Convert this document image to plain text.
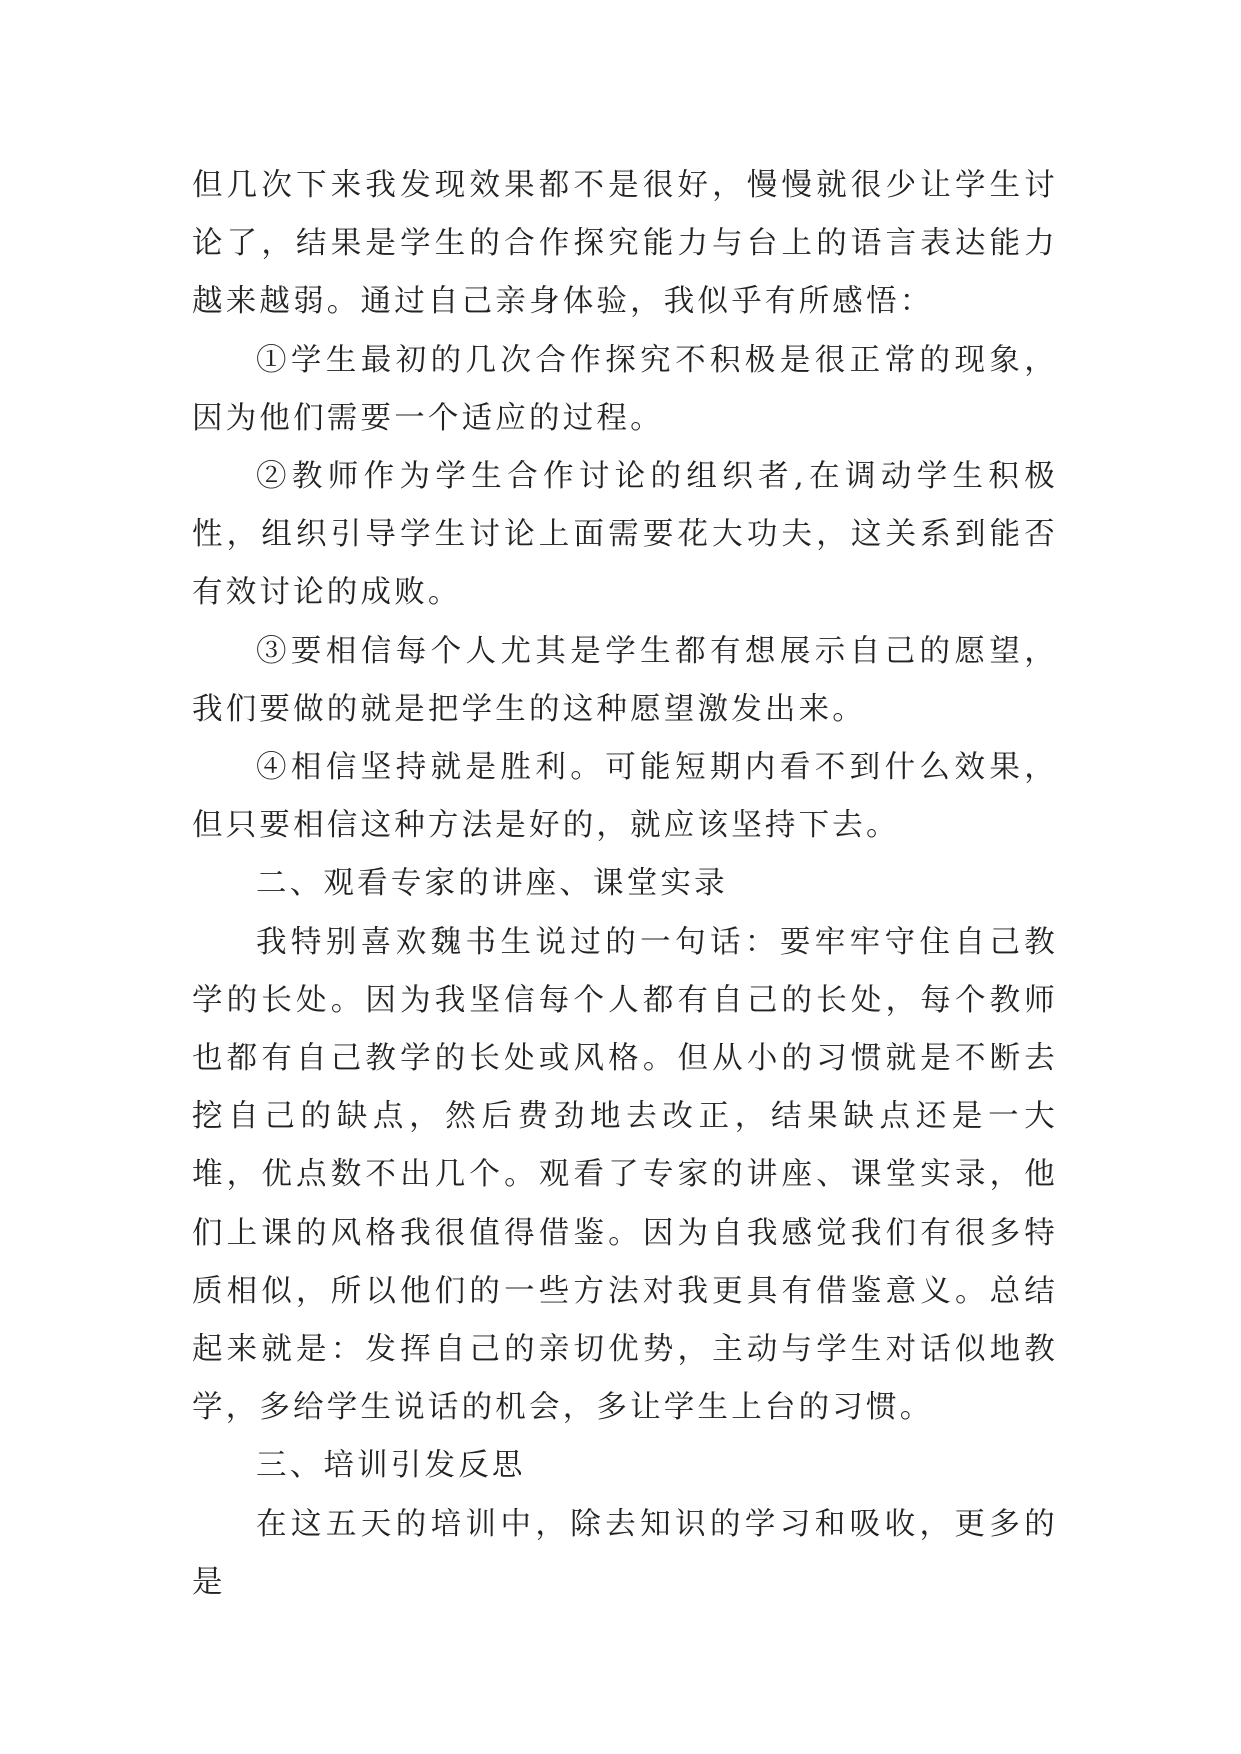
但几次下来我发现效果都不是很好，慢慢就很少让学生讨论了，结果是学生的合作探究能力与台上的语言表达能力越来越弱。通过自己亲身体验，我似乎有所感悟：

①学生最初的几次合作探究不积极是很正常的现象，因为他们需要一个适应的过程。

②教师作为学生合作讨论的组织者,在调动学生积极性，组织引导学生讨论上面需要花大功夫，这关系到能否有效讨论的成败。

③要相信每个人尤其是学生都有想展示自己的愿望，我们要做的就是把学生的这种愿望激发出来。

④相信坚持就是胜利。可能短期内看不到什么效果，但只要相信这种方法是好的，就应该坚持下去。

二、观看专家的讲座、课堂实录

我特别喜欢魏书生说过的一句话：要牢牢守住自己教学的长处。因为我坚信每个人都有自己的长处，每个教师也都有自己教学的长处或风格。但从小的习惯就是不断去挖自己的缺点，然后费劲地去改正，结果缺点还是一大堆，优点数不出几个。观看了专家的讲座、课堂实录，他们上课的风格我很值得借鉴。因为自我感觉我们有很多特质相似，所以他们的一些方法对我更具有借鉴意义。总结起来就是：发挥自己的亲切优势，主动与学生对话似地教学，多给学生说话的机会，多让学生上台的习惯。

三、培训引发反思

在这五天的培训中，除去知识的学习和吸收，更多的是
